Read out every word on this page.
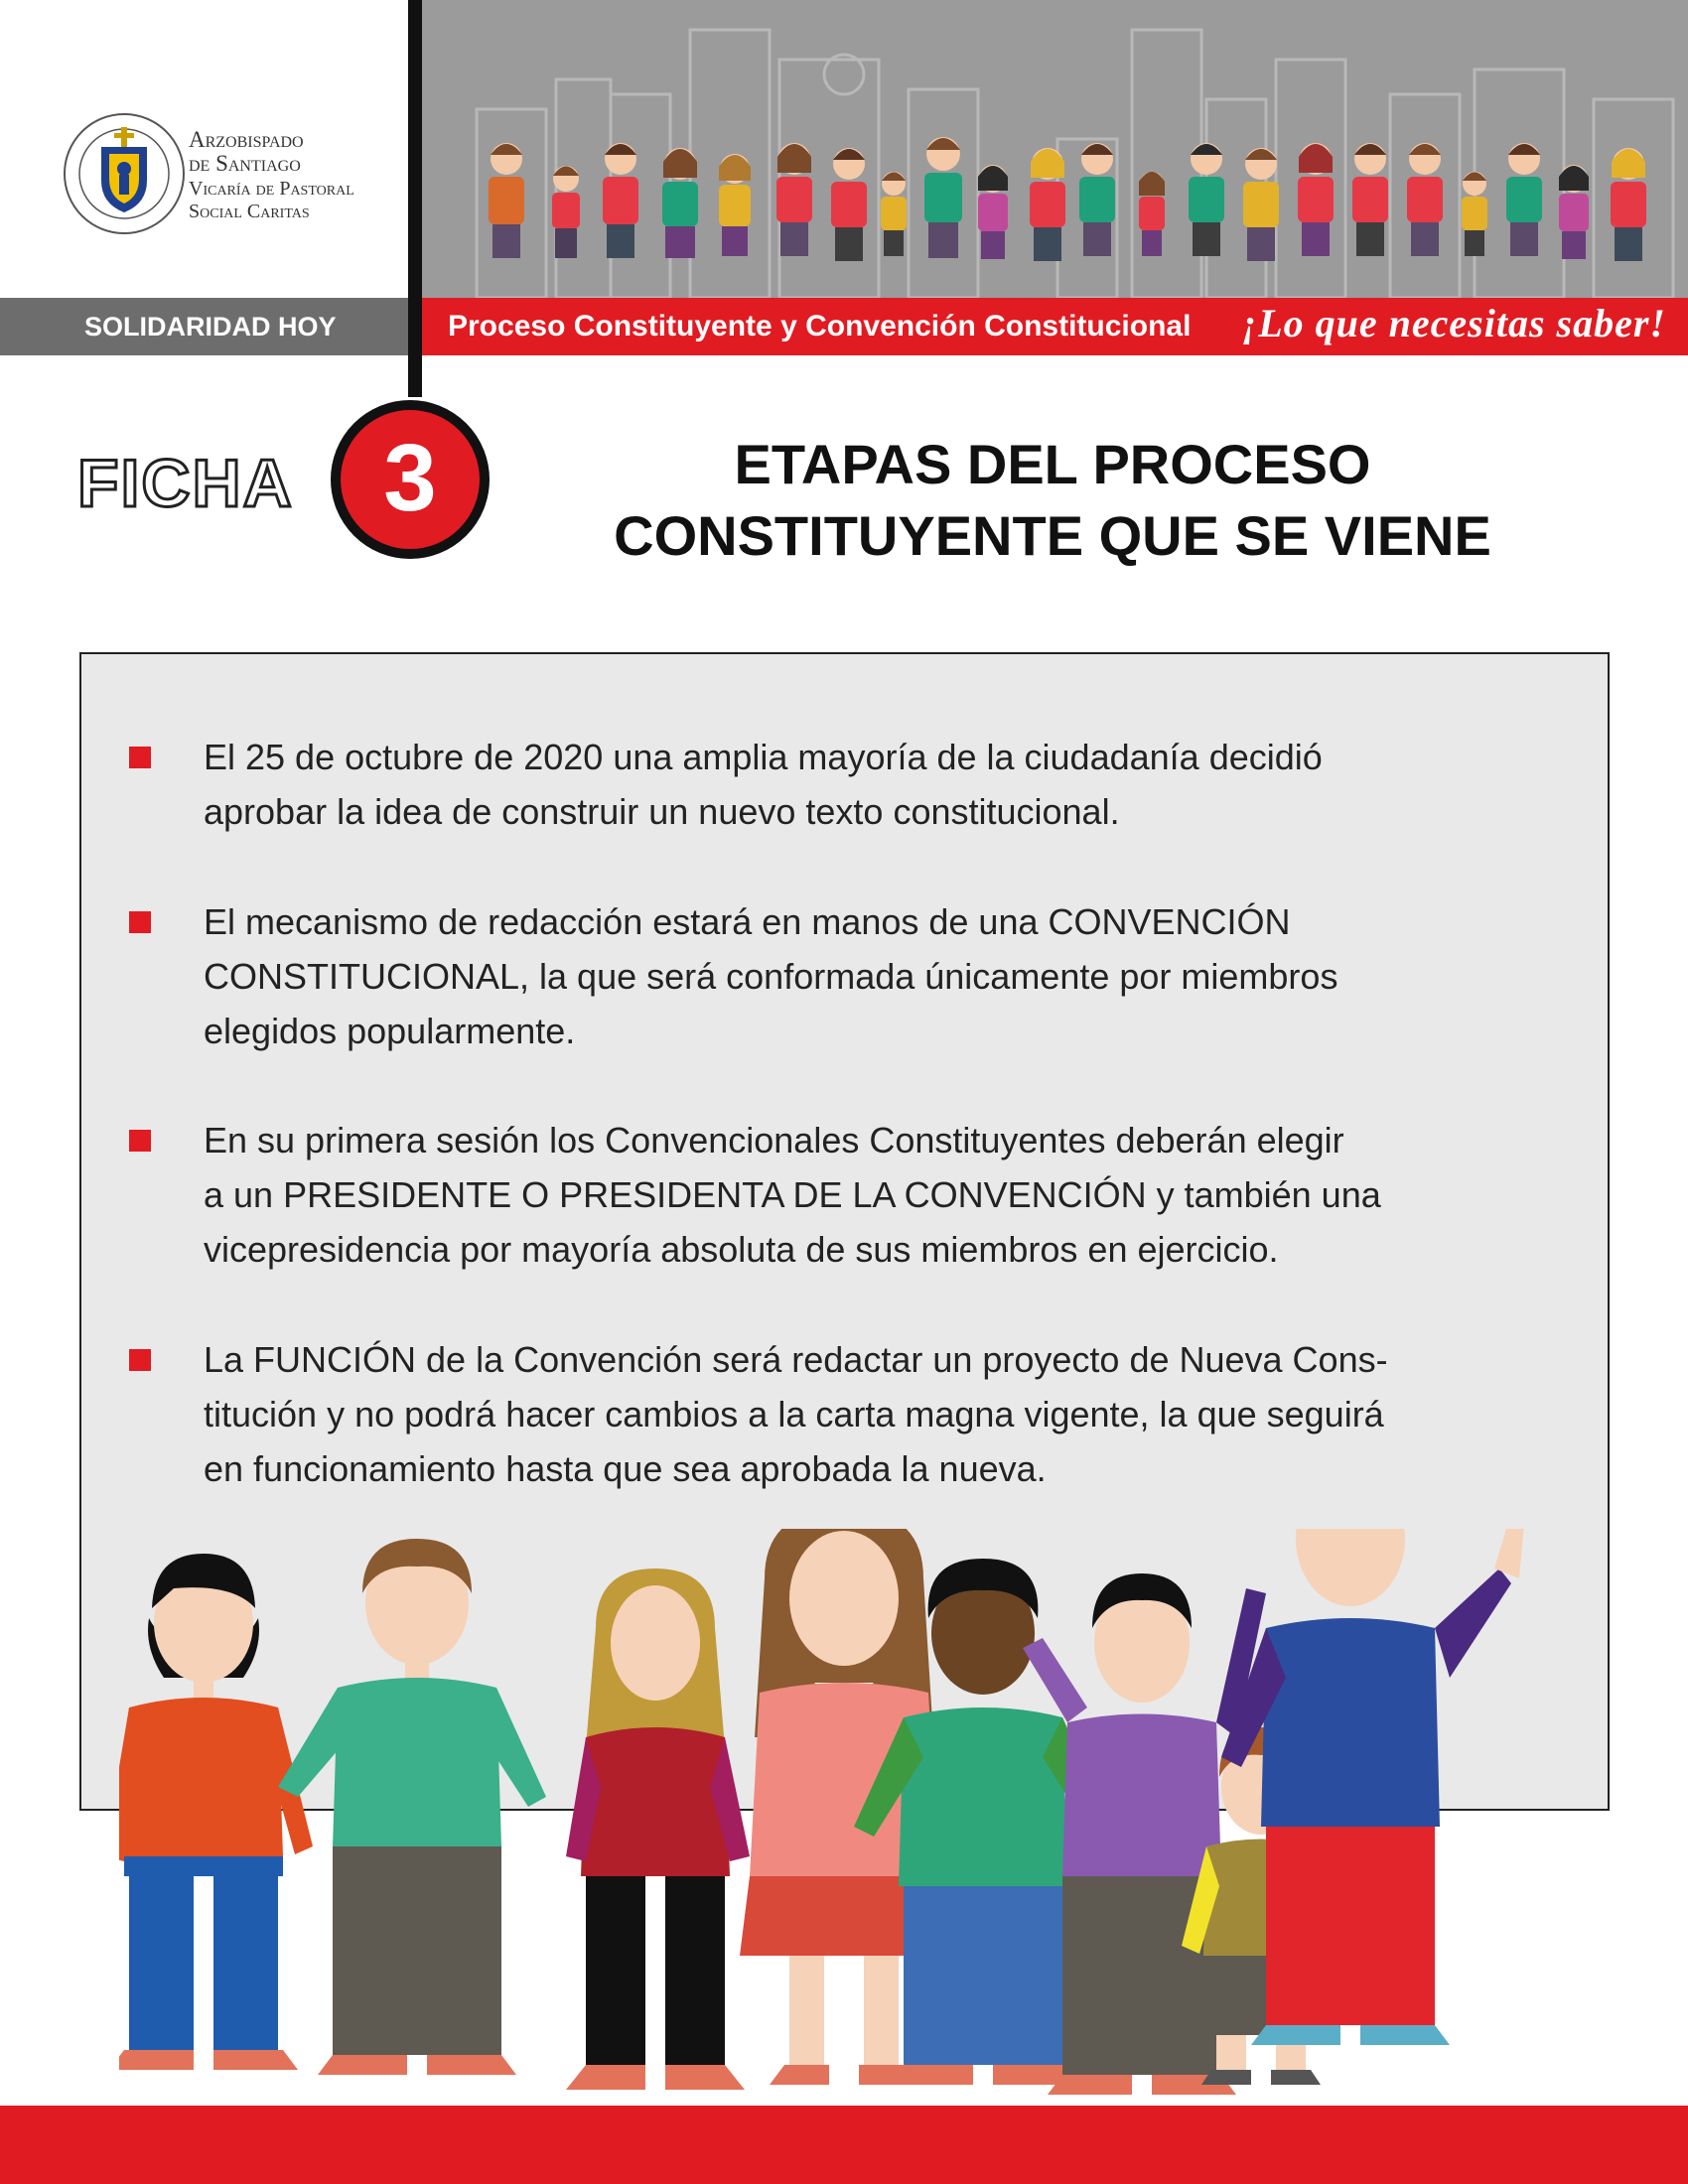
Arzobispado
de Santiago
Vicaría de Pastoral
Social Caritas
SOLIDARIDAD HOY	Proceso Constituyente y Convención Constitucional ¡Lo que necesitas saber!
FICHA 3	ETAPAS DEL PROCESO
CONSTITUYENTE QUE SE VIENE
El 25 de octubre de 2020 una amplia mayoría de la ciudadanía decidió
aprobar la idea de construir un nuevo texto constitucional.
El mecanismo de redacción estará en manos de una CONVENCIÓN
CONSTITUCIONAL, la que será conformada únicamente por miembros
elegidos popularmente.
En su primera sesión los Convencionales Constituyentes deberán elegir
a un PRESIDENTE O PRESIDENTA DE LA CONVENCIÓN y también una
vicepresidencia por mayoría absoluta de sus miembros en ejercicio.
La FUNCIÓN de la Convención será redactar un proyecto de Nueva Cons-
titución y no podrá hacer cambios a la carta magna vigente, la que seguirá
en funcionamiento hasta que sea aprobada la nueva.
